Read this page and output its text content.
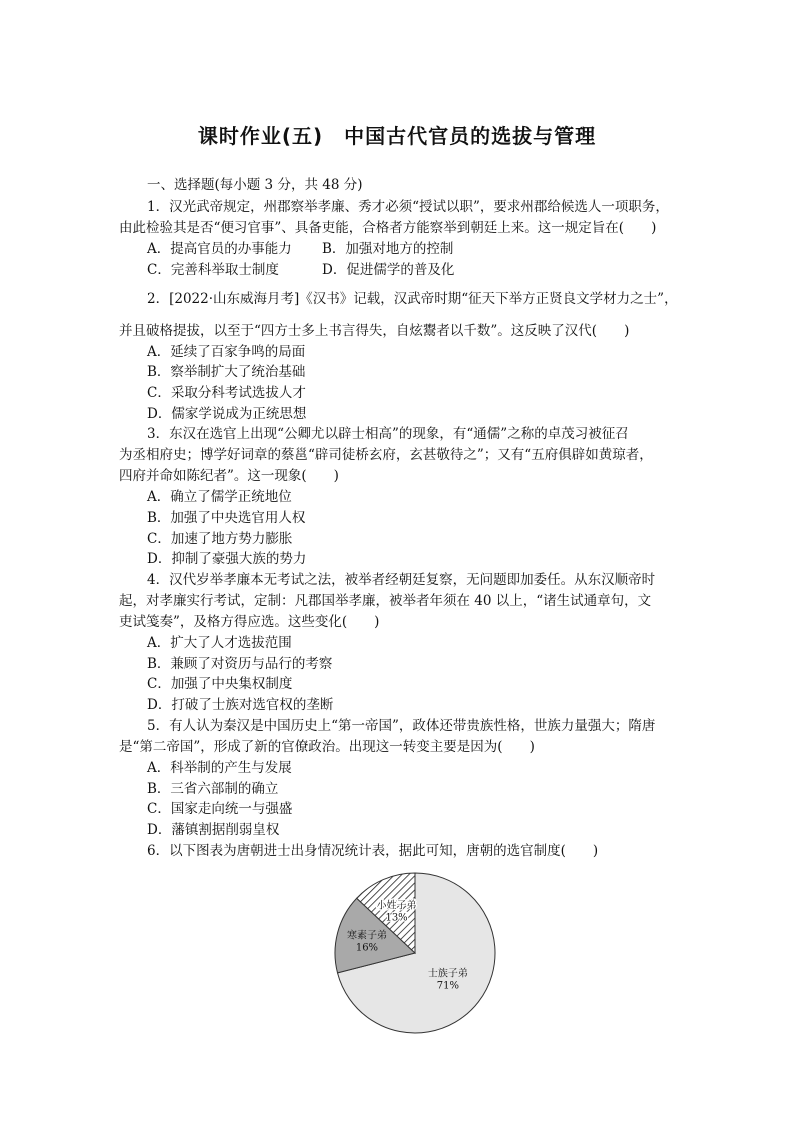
课时作业(五)　中国古代官员的选拔与管理
一、选择题(每小题 3 分，共 48 分)
1．汉光武帝规定，州郡察举孝廉、秀才必须“授试以职”，要求州郡给候选人一项职务，
由此检验其是否“便习官事”、具备吏能，合格者方能察举到朝廷上来。这一规定旨在(　　)
A．提高官员的办事能力 B．加强对地方的控制
C．完善科举取士制度	D．促进儒学的普及化
2．[2022·山东威海月考]《汉书》记载，汉武帝时期“征天下举方正贤良文学材力之士”，
并且破格提拔，以至于“四方士多上书言得失，自炫鬻者以千数”。这反映了汉代(　　)
A．延续了百家争鸣的局面
B．察举制扩大了统治基础
C．采取分科考试选拔人才
D．儒家学说成为正统思想
3．东汉在选官上出现“公卿尤以辟士相高”的现象，有“通儒”之称的卓茂习被征召
为丞相府史；博学好词章的蔡邕“辟司徒桥玄府，玄甚敬待之”；又有“五府俱辟如黄琼者，
四府并命如陈纪者”。这一现象(　　)
A．确立了儒学正统地位
B．加强了中央选官用人权
C．加速了地方势力膨胀
D．抑制了豪强大族的势力
4．汉代岁举孝廉本无考试之法，被举者经朝廷复察，无问题即加委任。从东汉顺帝时
起，对孝廉实行考试，定制：凡郡国举孝廉，被举者年须在 40 以上，“诸生试通章句，文
吏试笺奏”，及格方得应选。这些变化(　　)
A．扩大了人才选拔范围
B．兼顾了对资历与品行的考察
C．加强了中央集权制度
D．打破了士族对选官权的垄断
5．有人认为秦汉是中国历史上“第一帝国”，政体还带贵族性格，世族力量强大；隋唐
是“第二帝国”，形成了新的官僚政治。出现这一转变主要是因为(　　)
A．科举制的产生与发展
B．三省六部制的确立
C．国家走向统一与强盛
D．藩镇割据削弱皇权
6．以下图表为唐朝进士出身情况统计表，据此可知，唐朝的选官制度(　　)
士族子弟
71%
寒素子弟
16%
小姓子弟
13%
